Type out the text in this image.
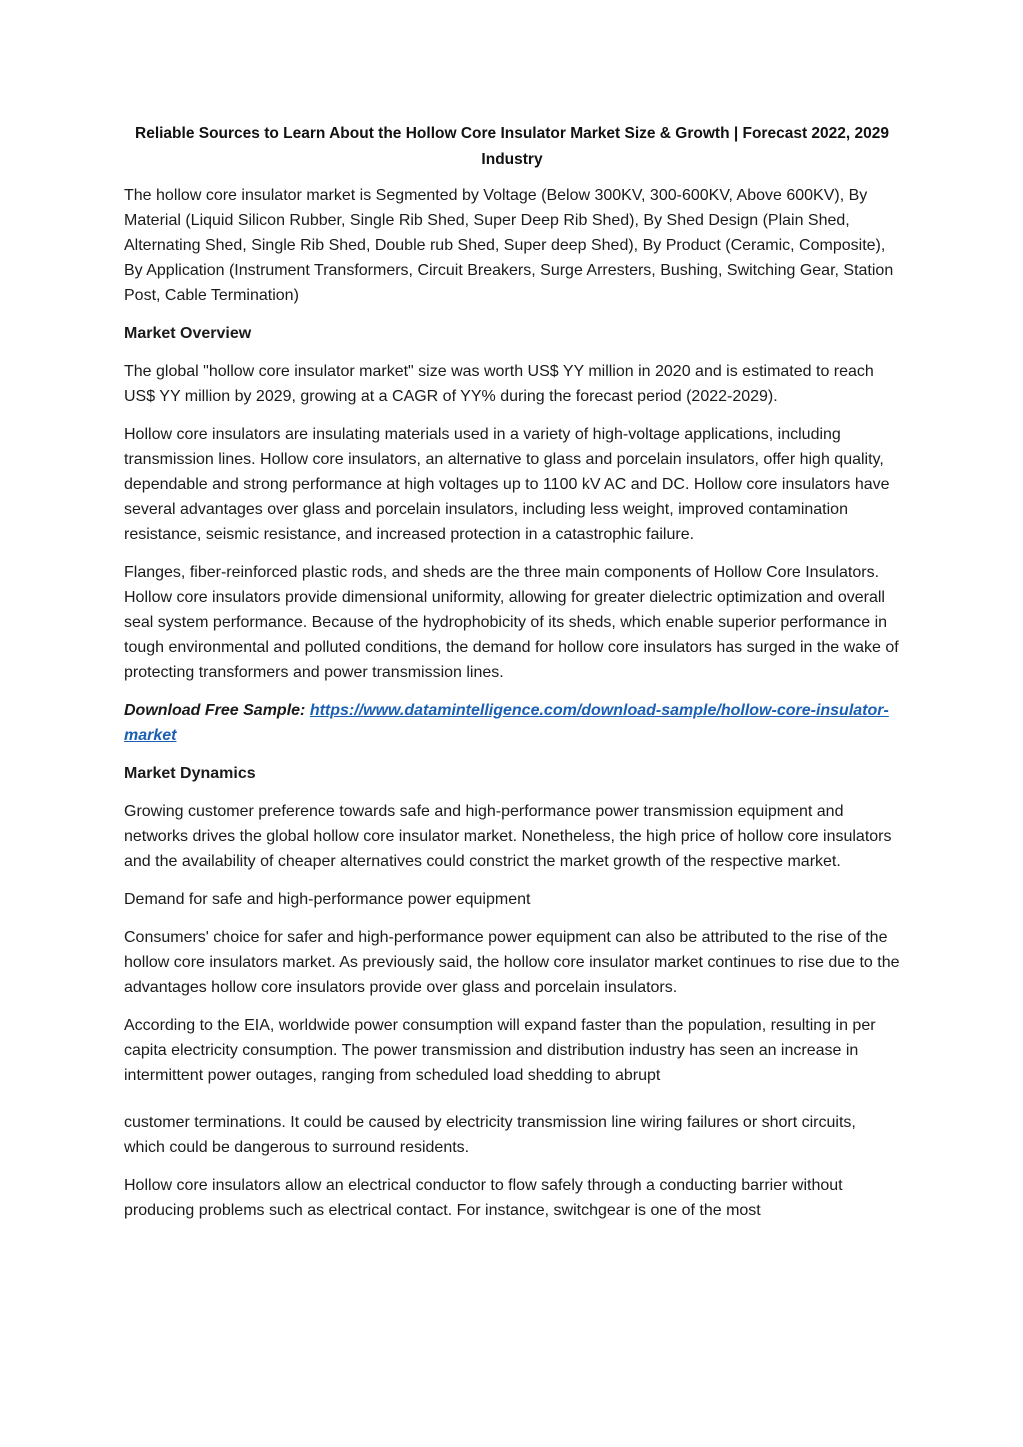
Reliable Sources to Learn About the Hollow Core Insulator Market Size & Growth | Forecast 2022, 2029 Industry

The hollow core insulator market is Segmented by Voltage (Below 300KV, 300-600KV, Above 600KV), By Material (Liquid Silicon Rubber, Single Rib Shed, Super Deep Rib Shed), By Shed Design (Plain Shed, Alternating Shed, Single Rib Shed, Double rub Shed, Super deep Shed), By Product (Ceramic, Composite), By Application (Instrument Transformers, Circuit Breakers, Surge Arresters, Bushing, Switching Gear, Station Post, Cable Termination)

Market Overview

The global "hollow core insulator market" size was worth US$ YY million in 2020 and is estimated to reach US$ YY million by 2029, growing at a CAGR of YY% during the forecast period (2022-2029).

Hollow core insulators are insulating materials used in a variety of high-voltage applications, including transmission lines. Hollow core insulators, an alternative to glass and porcelain insulators, offer high quality, dependable and strong performance at high voltages up to 1100 kV AC and DC. Hollow core insulators have several advantages over glass and porcelain insulators, including less weight, improved contamination resistance, seismic resistance, and increased protection in a catastrophic failure.

Flanges, fiber-reinforced plastic rods, and sheds are the three main components of Hollow Core Insulators. Hollow core insulators provide dimensional uniformity, allowing for greater dielectric optimization and overall seal system performance. Because of the hydrophobicity of its sheds, which enable superior performance in tough environmental and polluted conditions, the demand for hollow core insulators has surged in the wake of protecting transformers and power transmission lines.

Download Free Sample: https://www.datamintelligence.com/download-sample/hollow-core-insulator-market

Market Dynamics

Growing customer preference towards safe and high-performance power transmission equipment and networks drives the global hollow core insulator market. Nonetheless, the high price of hollow core insulators and the availability of cheaper alternatives could constrict the market growth of the respective market.

Demand for safe and high-performance power equipment

Consumers' choice for safer and high-performance power equipment can also be attributed to the rise of the hollow core insulators market. As previously said, the hollow core insulator market continues to rise due to the advantages hollow core insulators provide over glass and porcelain insulators.

According to the EIA, worldwide power consumption will expand faster than the population, resulting in per capita electricity consumption. The power transmission and distribution industry has seen an increase in intermittent power outages, ranging from scheduled load shedding to abrupt

customer terminations. It could be caused by electricity transmission line wiring failures or short circuits, which could be dangerous to surround residents.

Hollow core insulators allow an electrical conductor to flow safely through a conducting barrier without producing problems such as electrical contact. For instance, switchgear is one of the most
